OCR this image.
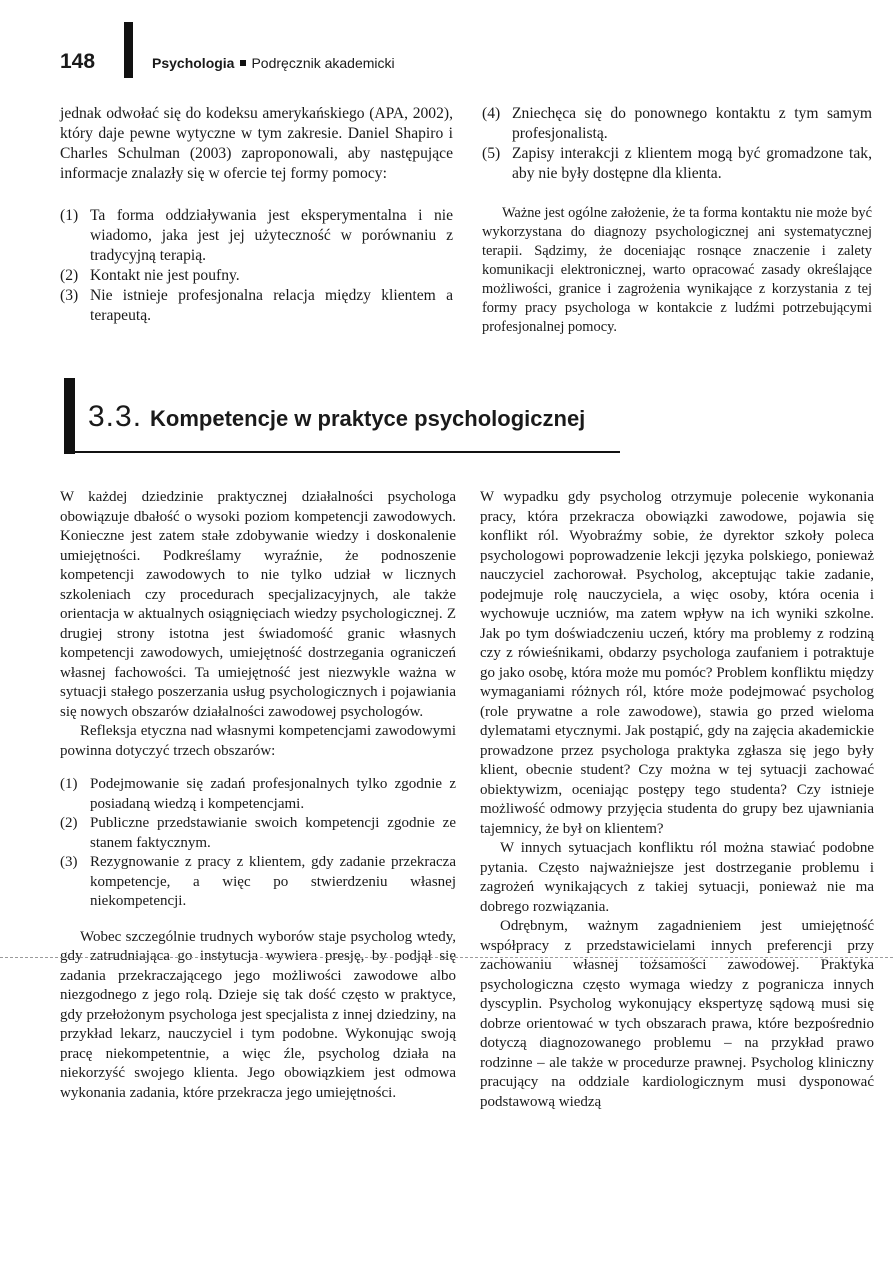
148	Psychologia Podręcznik akademicki

jednak odwołać się do kodeksu amerykańskiego (APA, 2002), który daje pewne wytyczne w tym zakresie. Daniel Shapiro i Charles Schulman (2003) zaproponowali, aby następujące informacje znalazły się w ofercie tej formy pomocy:

(1) Ta forma oddziaływania jest eksperymentalna i nie wiadomo, jaka jest jej użyteczność w porównaniu z tradycyjną terapią.
(2) Kontakt nie jest poufny.
(3) Nie istnieje profesjonalna relacja między klientem a terapeutą.
(4) Zniechęca się do ponownego kontaktu z tym samym profesjonalistą.
(5) Zapisy interakcji z klientem mogą być gromadzone tak, aby nie były dostępne dla klienta.

Ważne jest ogólne założenie, że ta forma kontaktu nie może być wykorzystana do diagnozy psychologicznej ani systematycznej terapii. Sądzimy, że doceniając rosnące znaczenie i zalety komunikacji elektronicznej, warto opracować zasady określające możliwości, granice i zagrożenia wynikające z korzystania z tej formy pracy psychologa w kontakcie z ludźmi potrzebującymi profesjonalnej pomocy.

3.3. Kompetencje w praktyce psychologicznej

W każdej dziedzinie praktycznej działalności psychologa obowiązuje dbałość o wysoki poziom kompetencji zawodowych. Konieczne jest zatem stałe zdobywanie wiedzy i doskonalenie umiejętności. Podkreślamy wyraźnie, że podnoszenie kompetencji zawodowych to nie tylko udział w licznych szkoleniach czy procedurach specjalizacyjnych, ale także orientacja w aktualnych osiągnięciach wiedzy psychologicznej. Z drugiej strony istotna jest świadomość granic własnych kompetencji zawodowych, umiejętność dostrzegania ograniczeń własnej fachowości. Ta umiejętność jest niezwykle ważna w sytuacji stałego poszerzania usług psychologicznych i pojawiania się nowych obszarów działalności zawodowej psychologów.

Refleksja etyczna nad własnymi kompetencjami zawodowymi powinna dotyczyć trzech obszarów:

(1) Podejmowanie się zadań profesjonalnych tylko zgodnie z posiadaną wiedzą i kompetencjami.
(2) Publiczne przedstawianie swoich kompetencji zgodnie ze stanem faktycznym.
(3) Rezygnowanie z pracy z klientem, gdy zadanie przekracza kompetencje, a więc po stwierdzeniu własnej niekompetencji.

Wobec szczególnie trudnych wyborów staje psycholog wtedy, gdy zatrudniająca go instytucja wywiera presję, by podjął się zadania przekraczającego jego możliwości zawodowe albo niezgodnego z jego rolą. Dzieje się tak dość często w praktyce, gdy przełożonym psychologa jest specjalista z innej dziedziny, na przykład lekarz, nauczyciel i tym podobne. Wykonując swoją pracę niekompetentnie, a więc źle, psycholog działa na niekorzyść swojego klienta. Jego obowiązkiem jest odmowa wykonania zadania, które przekracza jego umiejętności.

W wypadku gdy psycholog otrzymuje polecenie wykonania pracy, która przekracza obowiązki zawodowe, pojawia się konflikt ról. Wyobraźmy sobie, że dyrektor szkoły poleca psychologowi poprowadzenie lekcji języka polskiego, ponieważ nauczyciel zachorował. Psycholog, akceptując takie zadanie, podejmuje rolę nauczyciela, a więc osoby, która ocenia i wychowuje uczniów, ma zatem wpływ na ich wyniki szkolne. Jak po tym doświadczeniu uczeń, który ma problemy z rodziną czy z rówieśnikami, obdarzy psychologa zaufaniem i potraktuje go jako osobę, która może mu pomóc? Problem konfliktu między wymaganiami różnych ról, które może podejmować psycholog (role prywatne a role zawodowe), stawia go przed wieloma dylematami etycznymi. Jak postąpić, gdy na zajęcia akademickie prowadzone przez psychologa praktyka zgłasza się jego były klient, obecnie student? Czy można w tej sytuacji zachować obiektywizm, oceniając postępy tego studenta? Czy istnieje możliwość odmowy przyjęcia studenta do grupy bez ujawniania tajemnicy, że był on klientem?

W innych sytuacjach konfliktu ról można stawiać podobne pytania. Często najważniejsze jest dostrzeganie problemu i zagrożeń wynikających z takiej sytuacji, ponieważ nie ma dobrego rozwiązania.

Odrębnym, ważnym zagadnieniem jest umiejętność współpracy z przedstawicielami innych preferencji przy zachowaniu własnej tożsamości zawodowej. Praktyka psychologiczna często wymaga wiedzy z pogranicza innych dyscyplin. Psycholog wykonujący ekspertyzę sądową musi się dobrze orientować w tych obszarach prawa, które bezpośrednio dotyczą diagnozowanego problemu – na przykład prawo rodzinne – ale także w procedurze prawnej. Psycholog kliniczny pracujący na oddziale kardiologicznym musi dysponować podstawową wiedzą
